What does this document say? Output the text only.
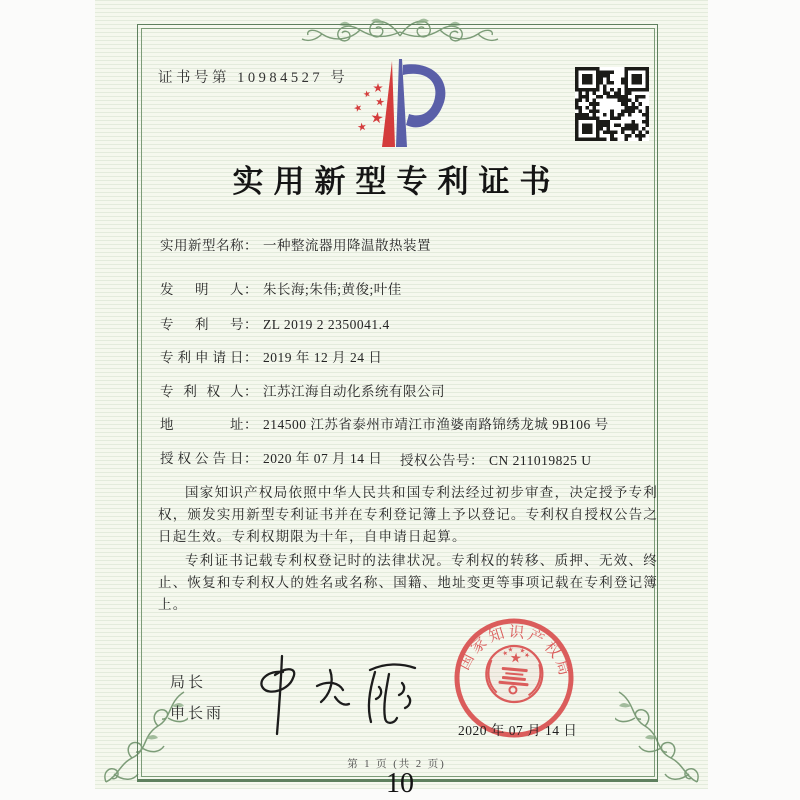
证书号第 10984527 号
实用新型专利证书
实用新型名称： 一种整流器用降温散热装置
发明人： 朱长海;朱伟;黄俊;叶佳
专利号： ZL 2019 2 2350041.4
专利申请日： 2019 年 12 月 24 日
专利权人： 江苏江海自动化系统有限公司
地址： 214500 江苏省泰州市靖江市渔婆南路锦绣龙城 9B106 号
授权公告日： 2020 年 07 月 14 日	授权公告号： CN 211019825 U

国家知识产权局依照中华人民共和国专利法经过初步审查，决定授予专利权，颁发实用新型专利证书并在专利登记簿上予以登记。专利权自授权公告之日起生效。专利权期限为十年，自申请日起算。

专利证书记载专利权登记时的法律状况。专利权的转移、质押、无效、终止、恢复和专利权人的姓名或名称、国籍、地址变更等事项记载在专利登记簿上。

局长
申长雨
国家知识产权局
2020 年 07 月 14 日
第 1 页 (共 2 页)
10
